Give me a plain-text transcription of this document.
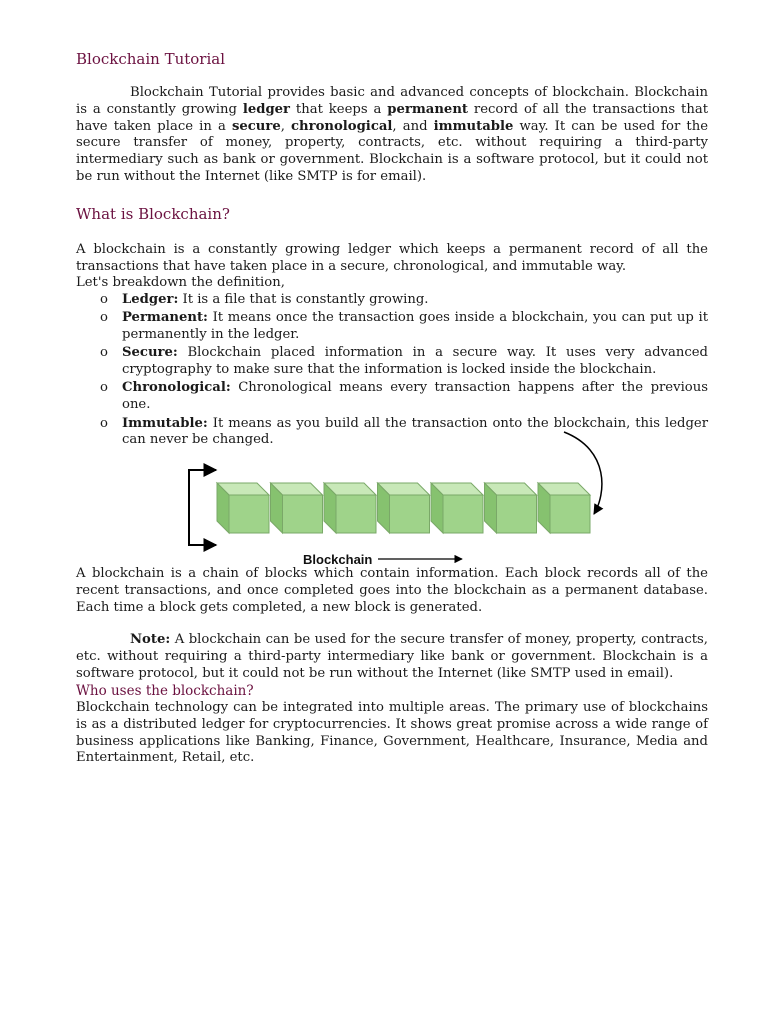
Blockchain Tutorial

Blockchain Tutorial provides basic and advanced concepts of blockchain. Blockchain is a constantly growing ledger that keeps a permanent record of all the transactions that have taken place in a secure, chronological, and immutable way. It can be used for the secure transfer of money, property, contracts, etc. without requiring a third-party intermediary such as bank or government. Blockchain is a software protocol, but it could not be run without the Internet (like SMTP is for email).

What is Blockchain?

A blockchain is a constantly growing ledger which keeps a permanent record of all the transactions that have taken place in a secure, chronological, and immutable way.

Let's breakdown the definition,

o Ledger: It is a file that is constantly growing.
o Permanent: It means once the transaction goes inside a blockchain, you can put up it permanently in the ledger.
o Secure: Blockchain placed information in a secure way. It uses very advanced cryptography to make sure that the information is locked inside the blockchain.
o Chronological: Chronological means every transaction happens after the previous one.
o Immutable: It means as you build all the transaction onto the blockchain, this ledger can never be changed.
Blockchain

A blockchain is a chain of blocks which contain information. Each block records all of the recent transactions, and once completed goes into the blockchain as a permanent database. Each time a block gets completed, a new block is generated.

Note: A blockchain can be used for the secure transfer of money, property, contracts, etc. without requiring a third-party intermediary like bank or government. Blockchain is a software protocol, but it could not be run without the Internet (like SMTP used in email).

Who uses the blockchain?

Blockchain technology can be integrated into multiple areas. The primary use of blockchains is as a distributed ledger for cryptocurrencies. It shows great promise across a wide range of business applications like Banking, Finance, Government, Healthcare, Insurance, Media and Entertainment, Retail, etc.
